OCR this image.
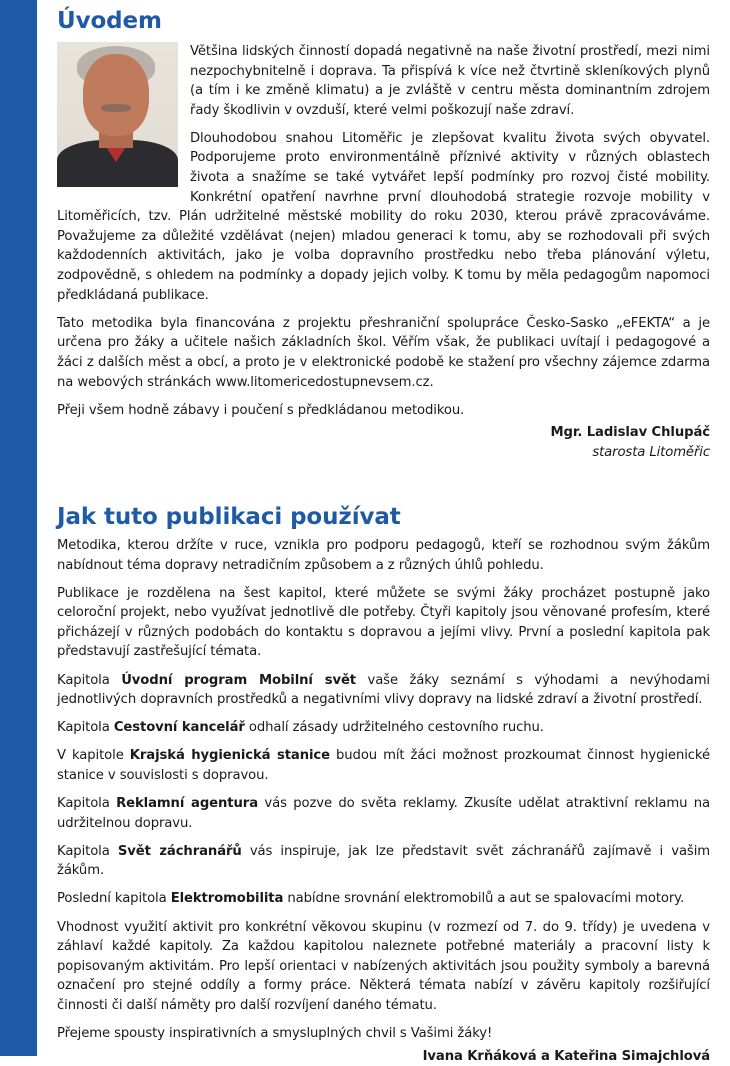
Úvodem

Většina lidských činností dopadá negativně na naše životní prostředí, mezi nimi nezpochybnitelně i doprava. Ta přispívá k více než čtvrtině skleníkových plynů (a tím i ke změně klimatu) a je zvláště v centru města dominantním zdrojem řady škodlivin v ovzduší, které velmi poškozují naše zdraví.

Dlouhodobou snahou Litoměřic je zlepšovat kvalitu života svých obyvatel. Podporujeme proto environmentálně příznivé aktivity v různých oblastech života a snažíme se také vytvářet lepší podmínky pro rozvoj čisté mobility. Konkrétní opatření navrhne první dlouhodobá strategie rozvoje mobility v Litoměřicích, tzv. Plán udržitelné městské mobility do roku 2030, kterou právě zpracováváme. Považujeme za důležité vzdělávat (nejen) mladou generaci k tomu, aby se rozhodovali při svých každodenních aktivitách, jako je volba dopravního prostředku nebo třeba plánování výletu, zodpovědně, s ohledem na podmínky a dopady jejich volby. K tomu by měla pedagogům napomoci předkládaná publikace.

Tato metodika byla financována z projektu přeshraniční spolupráce Česko-Sasko „eFEKTA“ a je určena pro žáky a učitele našich základních škol. Věřím však, že publikaci uvítají i pedagogové a žáci z dalších měst a obcí, a proto je v elektronické podobě ke stažení pro všechny zájemce zdarma na webových stránkách www.litomericedostupnevsem.cz.

Přeji všem hodně zábavy i poučení s předkládanou metodikou.

Mgr. Ladislav Chlupáč

starosta Litoměřic

Jak tuto publikaci používat

Metodika, kterou držíte v ruce, vznikla pro podporu pedagogů, kteří se rozhodnou svým žákům nabídnout téma dopravy netradičním způsobem a z různých úhlů pohledu.

Publikace je rozdělena na šest kapitol, které můžete se svými žáky procházet postupně jako celoroční projekt, nebo využívat jednotlivě dle potřeby. Čtyři kapitoly jsou věnované profesím, které přicházejí v různých podobách do kontaktu s dopravou a jejími vlivy. První a poslední kapitola pak představují zastřešující témata.

Kapitola Úvodní program Mobilní svět vaše žáky seznámí s výhodami a nevýhodami jednotlivých dopravních prostředků a negativními vlivy dopravy na lidské zdraví a životní prostředí.

Kapitola Cestovní kancelář odhalí zásady udržitelného cestovního ruchu.

V kapitole Krajská hygienická stanice budou mít žáci možnost prozkoumat činnost hygienické stanice v souvislosti s dopravou.

Kapitola Reklamní agentura vás pozve do světa reklamy. Zkusíte udělat atraktivní reklamu na udržitelnou dopravu.

Kapitola Svět záchranářů vás inspiruje, jak lze představit svět záchranářů zajímavě i vašim žákům.

Poslední kapitola Elektromobilita nabídne srovnání elektromobilů a aut se spalovacími motory.

Vhodnost využití aktivit pro konkrétní věkovou skupinu (v rozmezí od 7. do 9. třídy) je uvedena v záhlaví každé kapitoly. Za každou kapitolou naleznete potřebné materiály a pracovní listy k popisovaným aktivitám. Pro lepší orientaci v nabízených aktivitách jsou použity symboly a barevná označení pro stejné oddíly a formy práce. Některá témata nabízí v závěru kapitoly rozšiřující činnosti či další náměty pro další rozvíjení daného tématu.

Přejeme spousty inspirativních a smysluplných chvil s Vašimi žáky!

Ivana Krňáková a Kateřina Simajchlová
